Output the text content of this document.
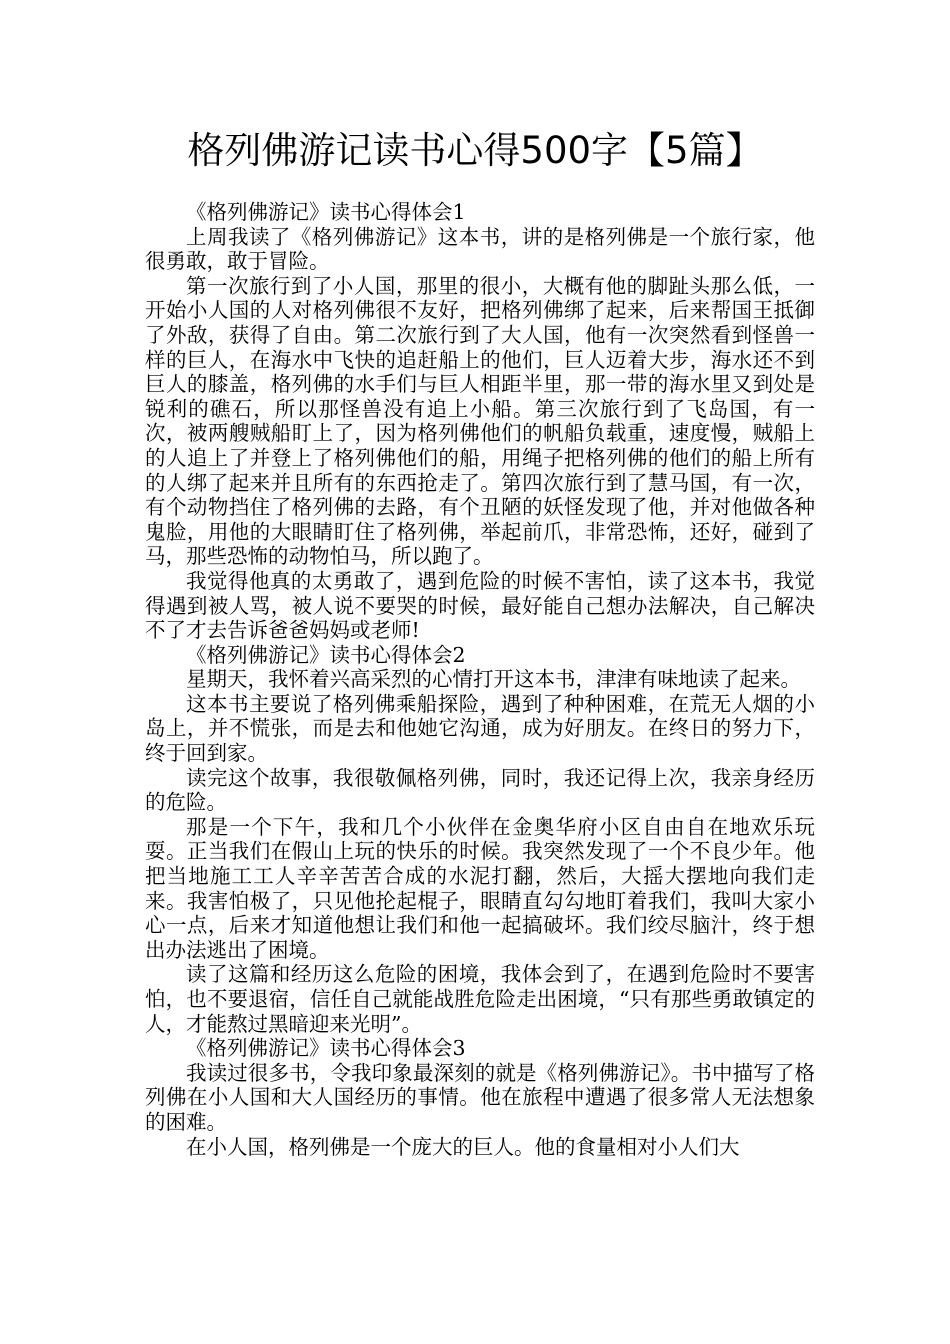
格列佛游记读书心得500字【5篇】

《格列佛游记》读书心得体会1

上周我读了《格列佛游记》这本书，讲的是格列佛是一个旅行家，他很勇敢，敢于冒险。

第一次旅行到了小人国，那里的很小，大概有他的脚趾头那么低，一开始小人国的人对格列佛很不友好，把格列佛绑了起来，后来帮国王抵御了外敌，获得了自由。第二次旅行到了大人国，他有一次突然看到怪兽一样的巨人，在海水中飞快的追赶船上的他们，巨人迈着大步，海水还不到巨人的膝盖，格列佛的水手们与巨人相距半里，那一带的海水里又到处是锐利的礁石，所以那怪兽没有追上小船。第三次旅行到了飞岛国，有一次，被两艘贼船盯上了，因为格列佛他们的帆船负载重，速度慢，贼船上的人追上了并登上了格列佛他们的船，用绳子把格列佛的他们的船上所有的人绑了起来并且所有的东西抢走了。第四次旅行到了慧马国，有一次，有个动物挡住了格列佛的去路，有个丑陋的妖怪发现了他，并对他做各种鬼脸，用他的大眼睛盯住了格列佛，举起前爪，非常恐怖，还好，碰到了马，那些恐怖的动物怕马，所以跑了。

我觉得他真的太勇敢了，遇到危险的时候不害怕，读了这本书，我觉得遇到被人骂，被人说不要哭的时候，最好能自己想办法解决，自己解决不了才去告诉爸爸妈妈或老师!

《格列佛游记》读书心得体会2

星期天，我怀着兴高采烈的心情打开这本书，津津有味地读了起来。

这本书主要说了格列佛乘船探险，遇到了种种困难，在荒无人烟的小岛上，并不慌张，而是去和他她它沟通，成为好朋友。在终日的努力下，终于回到家。

读完这个故事，我很敬佩格列佛，同时，我还记得上次，我亲身经历的危险。

那是一个下午，我和几个小伙伴在金奥华府小区自由自在地欢乐玩耍。正当我们在假山上玩的快乐的时候。我突然发现了一个不良少年。他把当地施工工人辛辛苦苦合成的水泥打翻，然后，大摇大摆地向我们走来。我害怕极了，只见他抡起棍子，眼睛直勾勾地盯着我们，我叫大家小心一点，后来才知道他想让我们和他一起搞破坏。我们绞尽脑汁，终于想出办法逃出了困境。

读了这篇和经历这么危险的困境，我体会到了，在遇到危险时不要害怕，也不要退宿，信任自己就能战胜危险走出困境，“只有那些勇敢镇定的人，才能熬过黑暗迎来光明”。

《格列佛游记》读书心得体会3

我读过很多书，令我印象最深刻的就是《格列佛游记》。书中描写了格列佛在小人国和大人国经历的事情。他在旅程中遭遇了很多常人无法想象的困难。

在小人国，格列佛是一个庞大的巨人。他的食量相对小人们大
